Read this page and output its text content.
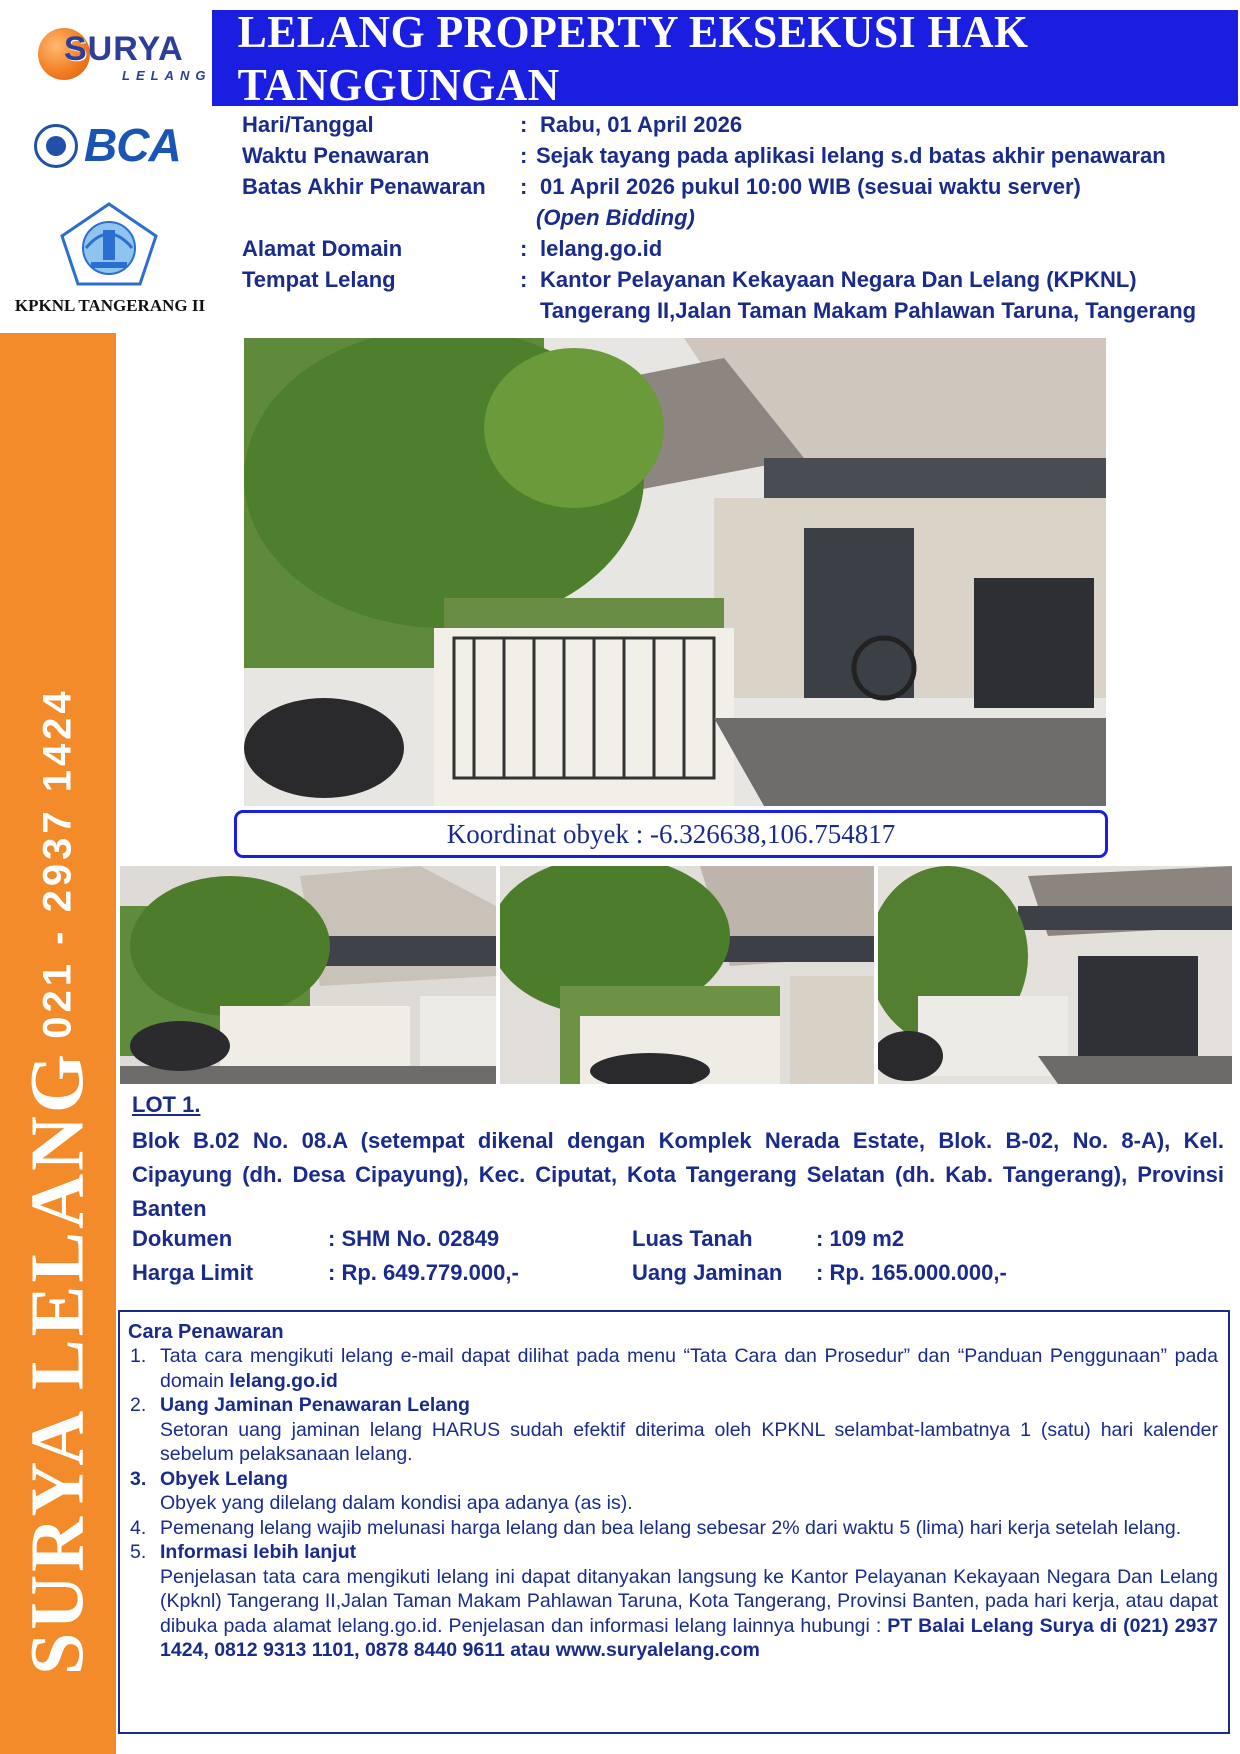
SURYA
LELANG
BCA
KPKNL TANGERANG II
LELANG PROPERTY EKSEKUSI HAK TANGGUNGAN
Hari/Tanggal	: Rabu, 01 April 2026
Waktu Penawaran	: Sejak tayang pada aplikasi lelang s.d batas akhir penawaran
Batas Akhir Penawaran	: 01 April 2026 pukul 10:00 WIB (sesuai waktu server)
(Open Bidding)
Alamat Domain	: lelang.go.id
Tempat Lelang	: Kantor Pelayanan Kekayaan Negara Dan Lelang (KPKNL)
Tangerang II,Jalan Taman Makam Pahlawan Taruna, Tangerang
021 - 2937 1424
SURYA LELANG
Koordinat obyek : -6.326638,106.754817

LOT 1.

Blok B.02 No. 08.A (setempat dikenal dengan Komplek Nerada Estate, Blok. B-02, No. 8-A), Kel. Cipayung (dh. Desa Cipayung), Kec. Ciputat, Kota Tangerang Selatan (dh. Kab. Tangerang), Provinsi Banten

Dokumen	: SHM No. 02849	Luas Tanah	: 109 m2
Harga Limit	: Rp. 649.779.000,-	Uang Jaminan : Rp. 165.000.000,-

Cara Penawaran

1. Tata cara mengikuti lelang e-mail dapat dilihat pada menu “Tata Cara dan Prosedur” dan “Panduan Penggunaan” pada domain lelang.go.id
2. Uang Jaminan Penawaran Lelang
Setoran uang jaminan lelang HARUS sudah efektif diterima oleh KPKNL selambat-lambatnya 1 (satu) hari kalender sebelum pelaksanaan lelang.
3. Obyek Lelang
Obyek yang dilelang dalam kondisi apa adanya (as is).
4. Pemenang lelang wajib melunasi harga lelang dan bea lelang sebesar 2% dari waktu 5 (lima) hari kerja setelah lelang.
5. Informasi lebih lanjut
Penjelasan tata cara mengikuti lelang ini dapat ditanyakan langsung ke Kantor Pelayanan Kekayaan Negara Dan Lelang (Kpknl) Tangerang II,Jalan Taman Makam Pahlawan Taruna, Kota Tangerang, Provinsi Banten, pada hari kerja, atau dapat dibuka pada alamat lelang.go.id. Penjelasan dan informasi lelang lainnya hubungi : PT Balai Lelang Surya di (021) 2937 1424, 0812 9313 1101, 0878 8440 9611 atau www.suryalelang.com
